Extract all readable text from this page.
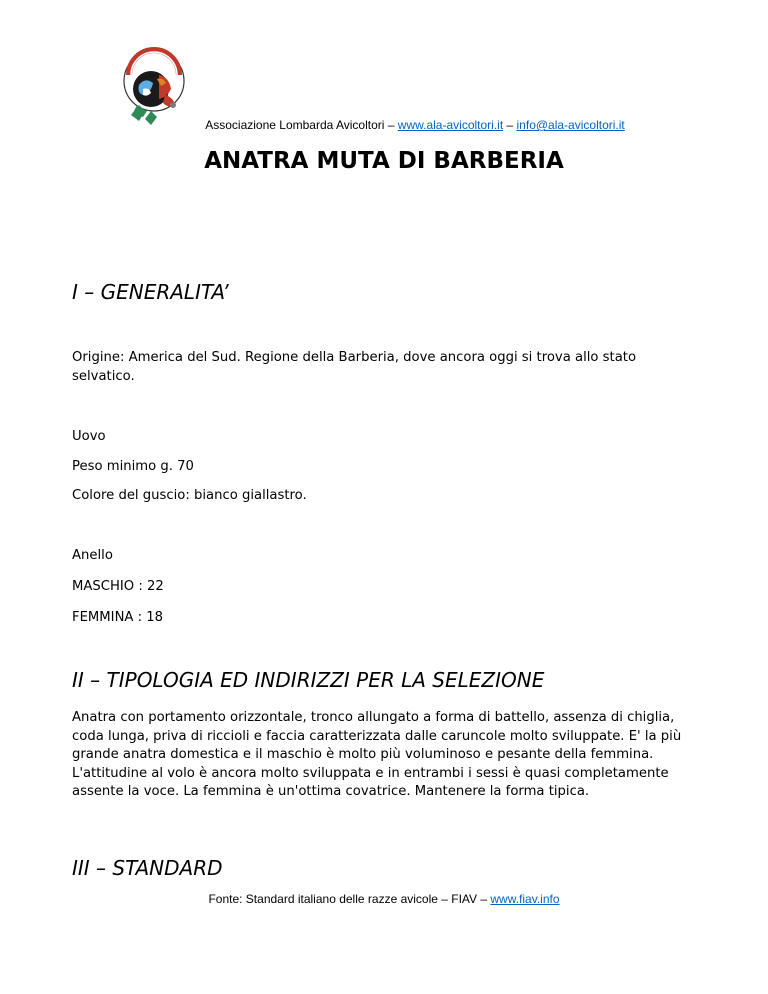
Associazione Lombarda Avicoltori – www.ala-avicoltori.it – info@ala-avicoltori.it
ANATRA MUTA DI BARBERIA
I – GENERALITA’

Origine: America del Sud. Regione della Barberia, dove ancora oggi si trova allo stato selvatico.

Uovo

Peso minimo g. 70

Colore del guscio: bianco giallastro.

Anello

MASCHIO : 22

FEMMINA : 18

II – TIPOLOGIA ED INDIRIZZI PER LA SELEZIONE

Anatra con portamento orizzontale, tronco allungato a forma di battello, assenza di chiglia, coda lunga, priva di riccioli e faccia caratterizzata dalle caruncole molto sviluppate. E' la più grande anatra domestica e il maschio è molto più voluminoso e pesante della femmina. L'attitudine al volo è ancora molto sviluppata e in entrambi i sessi è quasi completamente assente la voce. La femmina è un'ottima covatrice. Mantenere la forma tipica.

III – STANDARD
Fonte: Standard italiano delle razze avicole – FIAV – www.fiav.info
